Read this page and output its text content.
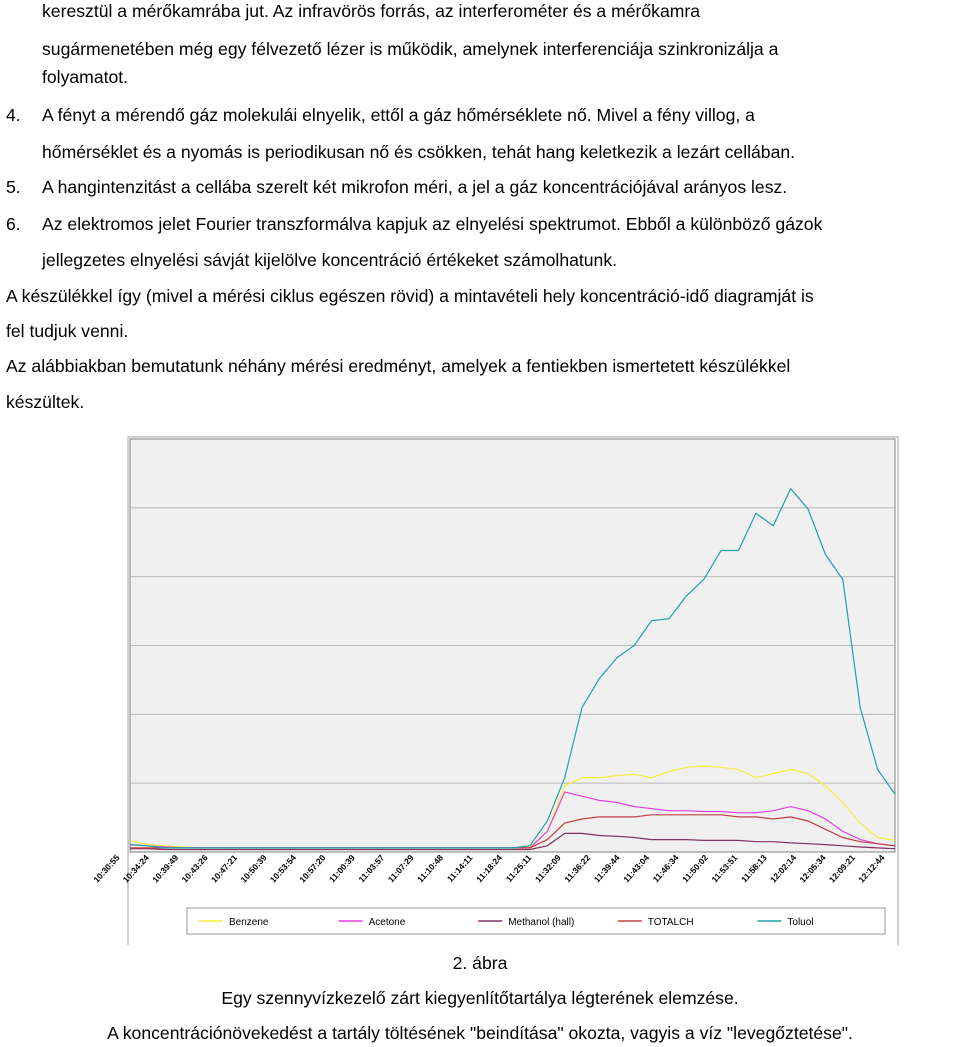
keresztül a mérőkamrába jut. Az infravörös forrás, az interferométer és a mérőkamra
sugármenetében még egy félvezető lézer is működik, amelynek interferenciája szinkronizálja a
folyamatot.
4. A fényt a mérendő gáz molekulái elnyelik, ettől a gáz hőmérséklete nő. Mivel a fény villog, a
hőmérséklet és a nyomás is periodikusan nő és csökken, tehát hang keletkezik a lezárt cellában.
5. A hangintenzitást a cellába szerelt két mikrofon méri, a jel a gáz koncentrációjával arányos lesz.
6. Az elektromos jelet Fourier transzformálva kapjuk az elnyelési spektrumot. Ebből a különböző gázok
jellegzetes elnyelési sávját kijelölve koncentráció értékeket számolhatunk.
A készülékkel így (mivel a mérési ciklus egészen rövid) a mintavételi hely koncentráció-idő diagramját is
fel tudjuk venni.
Az alábbiakban bemutatunk néhány mérési eredményt, amelyek a fentiekben ismertetett készülékkel
készültek.
10:30:55 10:34:24 10:39:49 10:43:26 10:47:21 10:50:39 10:53:54 10:57:20 11:00:39 11:03:57 11:07:29 11:10:48 11:14:11 11:18:24 11:25:11 11:32:09 11:36:22 11:39:44 11:43:04 11:46:34 11:50:02 11:53:51 11:58:13 12:02:14 12:05:34 12:09:21 12:12:44
Benzene	Acetone	Methanol (hall)	TOTALCH	Toluol
2. ábra
Egy szennyvízkezelő zárt kiegyenlítőtartálya légterének elemzése.
A koncentrációnövekedést a tartály töltésének "beindítása" okozta, vagyis a víz "levegőztetése".
